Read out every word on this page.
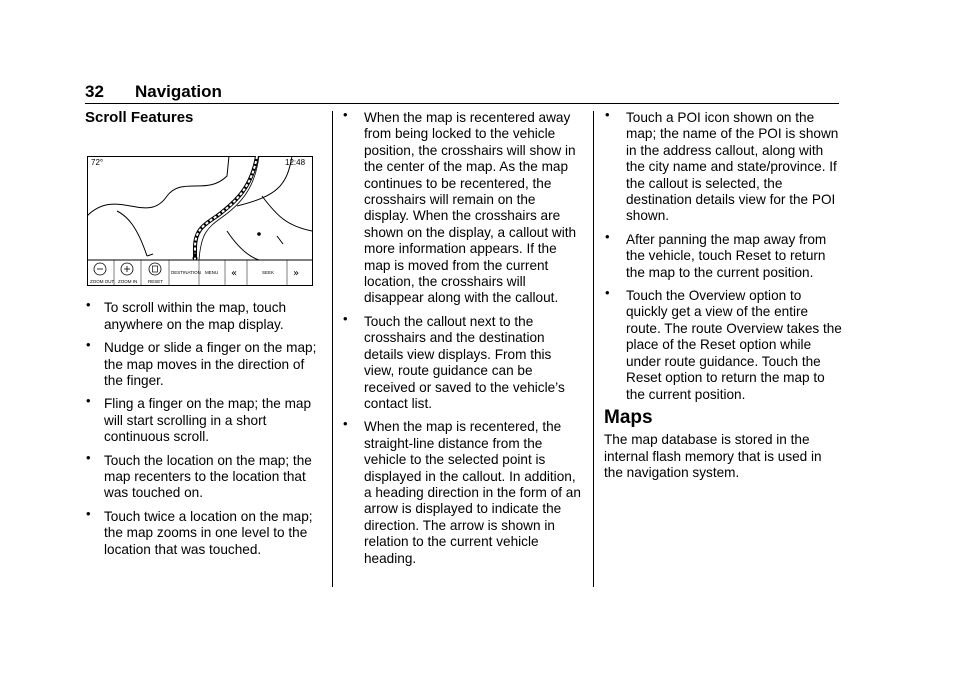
32 Navigation
Scroll Features
72°	12:48
ZOOM OUT ZOOM IN RESET
DESTINATION MENU «	SEEK »
• To scroll within the map, touch anywhere on the map display.
• Nudge or slide a finger on the map; the map moves in the direction of the finger.
• Fling a finger on the map; the map will start scrolling in a short continuous scroll.
• Touch the location on the map; the map recenters to the location that was touched on.
• Touch twice a location on the map; the map zooms in one level to the location that was touched.
• When the map is recentered away from being locked to the vehicle position, the crosshairs will show in the center of the map. As the map continues to be recentered, the crosshairs will remain on the display. When the crosshairs are shown on the display, a callout with more information appears. If the map is moved from the current location, the crosshairs will disappear along with the callout.
• Touch the callout next to the crosshairs and the destination details view displays. From this view, route guidance can be received or saved to the vehicle’s contact list.
• When the map is recentered, the straight-line distance from the vehicle to the selected point is displayed in the callout. In addition, a heading direction in the form of an arrow is displayed to indicate the direction. The arrow is shown in relation to the current vehicle heading.
• Touch a POI icon shown on the map; the name of the POI is shown in the address callout, along with the city name and state/province. If the callout is selected, the destination details view for the POI shown.
• After panning the map away from the vehicle, touch Reset to return the map to the current position.
• Touch the Overview option to quickly get a view of the entire route. The route Overview takes the place of the Reset option while under route guidance. Touch the Reset option to return the map to the current position.
Maps

The map database is stored in the internal flash memory that is used in the navigation system.
